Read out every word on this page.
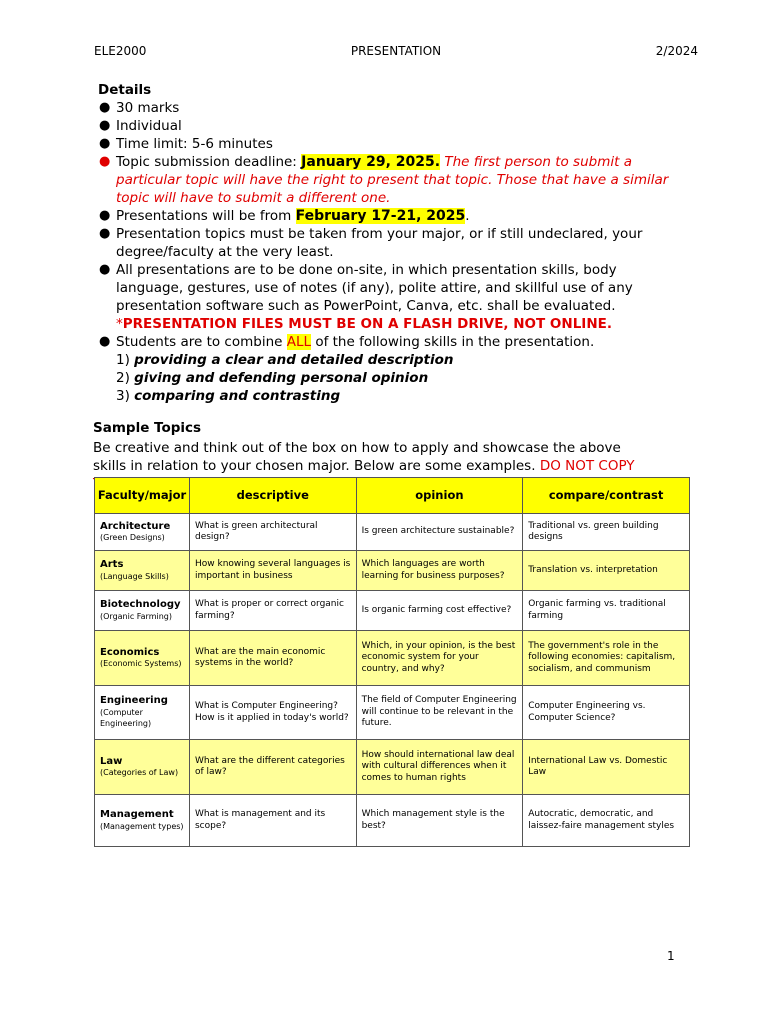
ELE2000	PRESENTATION	2/2024
Details
● 30 marks
● Individual
● Time limit: 5-6 minutes
● Topic submission deadline: January 29, 2025. The first person to submit a particular topic will have the right to present that topic. Those that have a similar topic will have to submit a different one.
● Presentations will be from February 17-21, 2025.
● Presentation topics must be taken from your major, or if still undeclared, your degree/faculty at the very least.
● All presentations are to be done on-site, in which presentation skills, body language, gestures, use of notes (if any), polite attire, and skillful use of any presentation software such as PowerPoint, Canva, etc. shall be evaluated. *PRESENTATION FILES MUST BE ON A FLASH DRIVE, NOT ONLINE.
● Students are to combine ALL of the following skills in the presentation.
1) providing a clear and detailed description
2) giving and defending personal opinion
3) comparing and contrasting
Sample Topics
Be creative and think out of the box on how to apply and showcase the above skills in relation to your chosen major. Below are some examples. DO NOT COPY
Faculty/major	descriptive	opinion	compare/contrast

Architecture
(Green Designs)	What is green architectural design?	Is green architecture sustainable?	Traditional vs. green building designs

Arts
(Language Skills)	How knowing several languages is important in business	Which languages are worth learning for business purposes?	Translation vs. interpretation

Biotechnology
(Organic Farming)	What is proper or correct organic farming?	Is organic farming cost effective?	Organic farming vs. traditional farming

Economics
(Economic Systems)	What are the main economic systems in the world?	Which, in your opinion, is the best economic system for your country, and why?	The government's role in the following economies: capitalism, socialism, and communism

Engineering
(Computer Engineering)	What is Computer Engineering? How is it applied in today's world?	The field of Computer Engineering will continue to be relevant in the future.	Computer Engineering vs. Computer Science?

Law
(Categories of Law)	What are the different categories of law?	How should international law deal with cultural differences when it comes to human rights	International Law vs. Domestic Law

Management
(Management types)	What is management and its scope?	Which management style is the best?	Autocratic, democratic, and laissez-faire management styles
1
